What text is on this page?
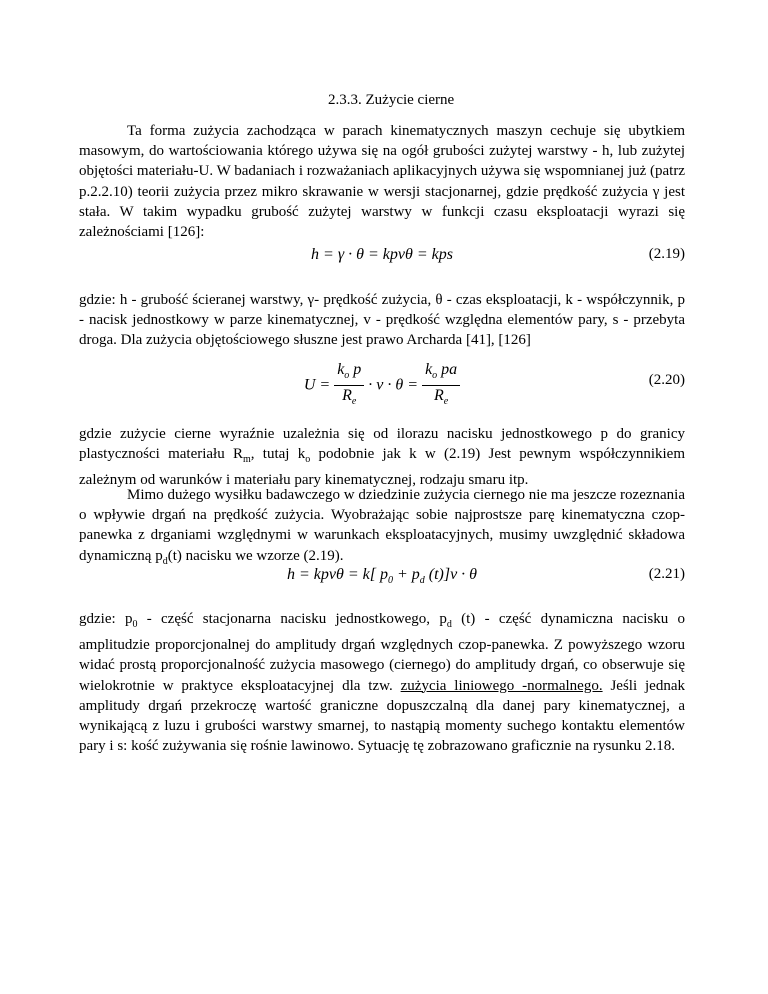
2.3.3. Zużycie cierne

Ta forma zużycia zachodząca w parach kinematycznych maszyn cechuje się ubytkiem masowym, do wartościowania którego używa się na ogół grubości zużytej warstwy - h, lub zużytej objętości materiału-U. W badaniach i rozważaniach aplikacyjnych używa się wspomnianej już (patrz p.2.2.10) teorii zużycia przez mikro skrawanie w wersji stacjonarnej, gdzie prędkość zużycia γ jest stała. W takim wypadku grubość zużytej warstwy w funkcji czasu eksploatacji wyrazi się zależnościami [126]:

h = γ · θ = kpvθ = kps	(2.19)

gdzie: h - grubość ścieranej warstwy, γ- prędkość zużycia, θ - czas eksploatacji, k - współczynnik, p - nacisk jednostkowy w parze kinematycznej, v - prędkość względna elementów pary, s - przebyta droga. Dla zużycia objętościowego słuszne jest prawo Archarda [41], [126]

$U = \frac{k_o p}{R_e} \cdot v \cdot \theta = \frac{k_o pa}{R_e}$	(2.20)

gdzie zużycie cierne wyraźnie uzależnia się od ilorazu nacisku jednostkowego p do granicy plastyczności materiału $R_m$, tutaj $k_o$ podobnie jak k w (2.19) Jest pewnym współczynnikiem zależnym od warunków i materiału pary kinematycznej, rodzaju smaru itp.

Mimo dużego wysiłku badawczego w dziedzinie zużycia ciernego nie ma jeszcze rozeznania o wpływie drgań na prędkość zużycia. Wyobrażając sobie najprostsze parę kinematyczna czop-panewka z drganiami względnymi w warunkach eksploatacyjnych, musimy uwzględnić składowa dynamiczną $p_d(t)$ nacisku we wzorze (2.19).

h = kpvθ = k[ $p_0 + p_d$ (t)]v · θ	(2.21)

gdzie: $p_0$ - część stacjonarna nacisku jednostkowego, $p_d$ (t) - część dynamiczna nacisku o amplitudzie proporcjonalnej do amplitudy drgań względnych czop-panewka. Z powyższego wzoru widać prostą proporcjonalność zużycia masowego (ciernego) do amplitudy drgań, co obserwuje się wielokrotnie w praktyce eksploatacyjnej dla tzw. zużycia liniowego -normalnego. Jeśli jednak amplitudy drgań przekroczę wartość graniczne dopuszczalną dla danej pary kinematycznej, a wynikającą z luzu i grubości warstwy smarnej, to nastąpią momenty suchego kontaktu elementów pary i s: kość zużywania się rośnie lawinowo. Sytuację tę zobrazowano graficznie na rysunku 2.18.
